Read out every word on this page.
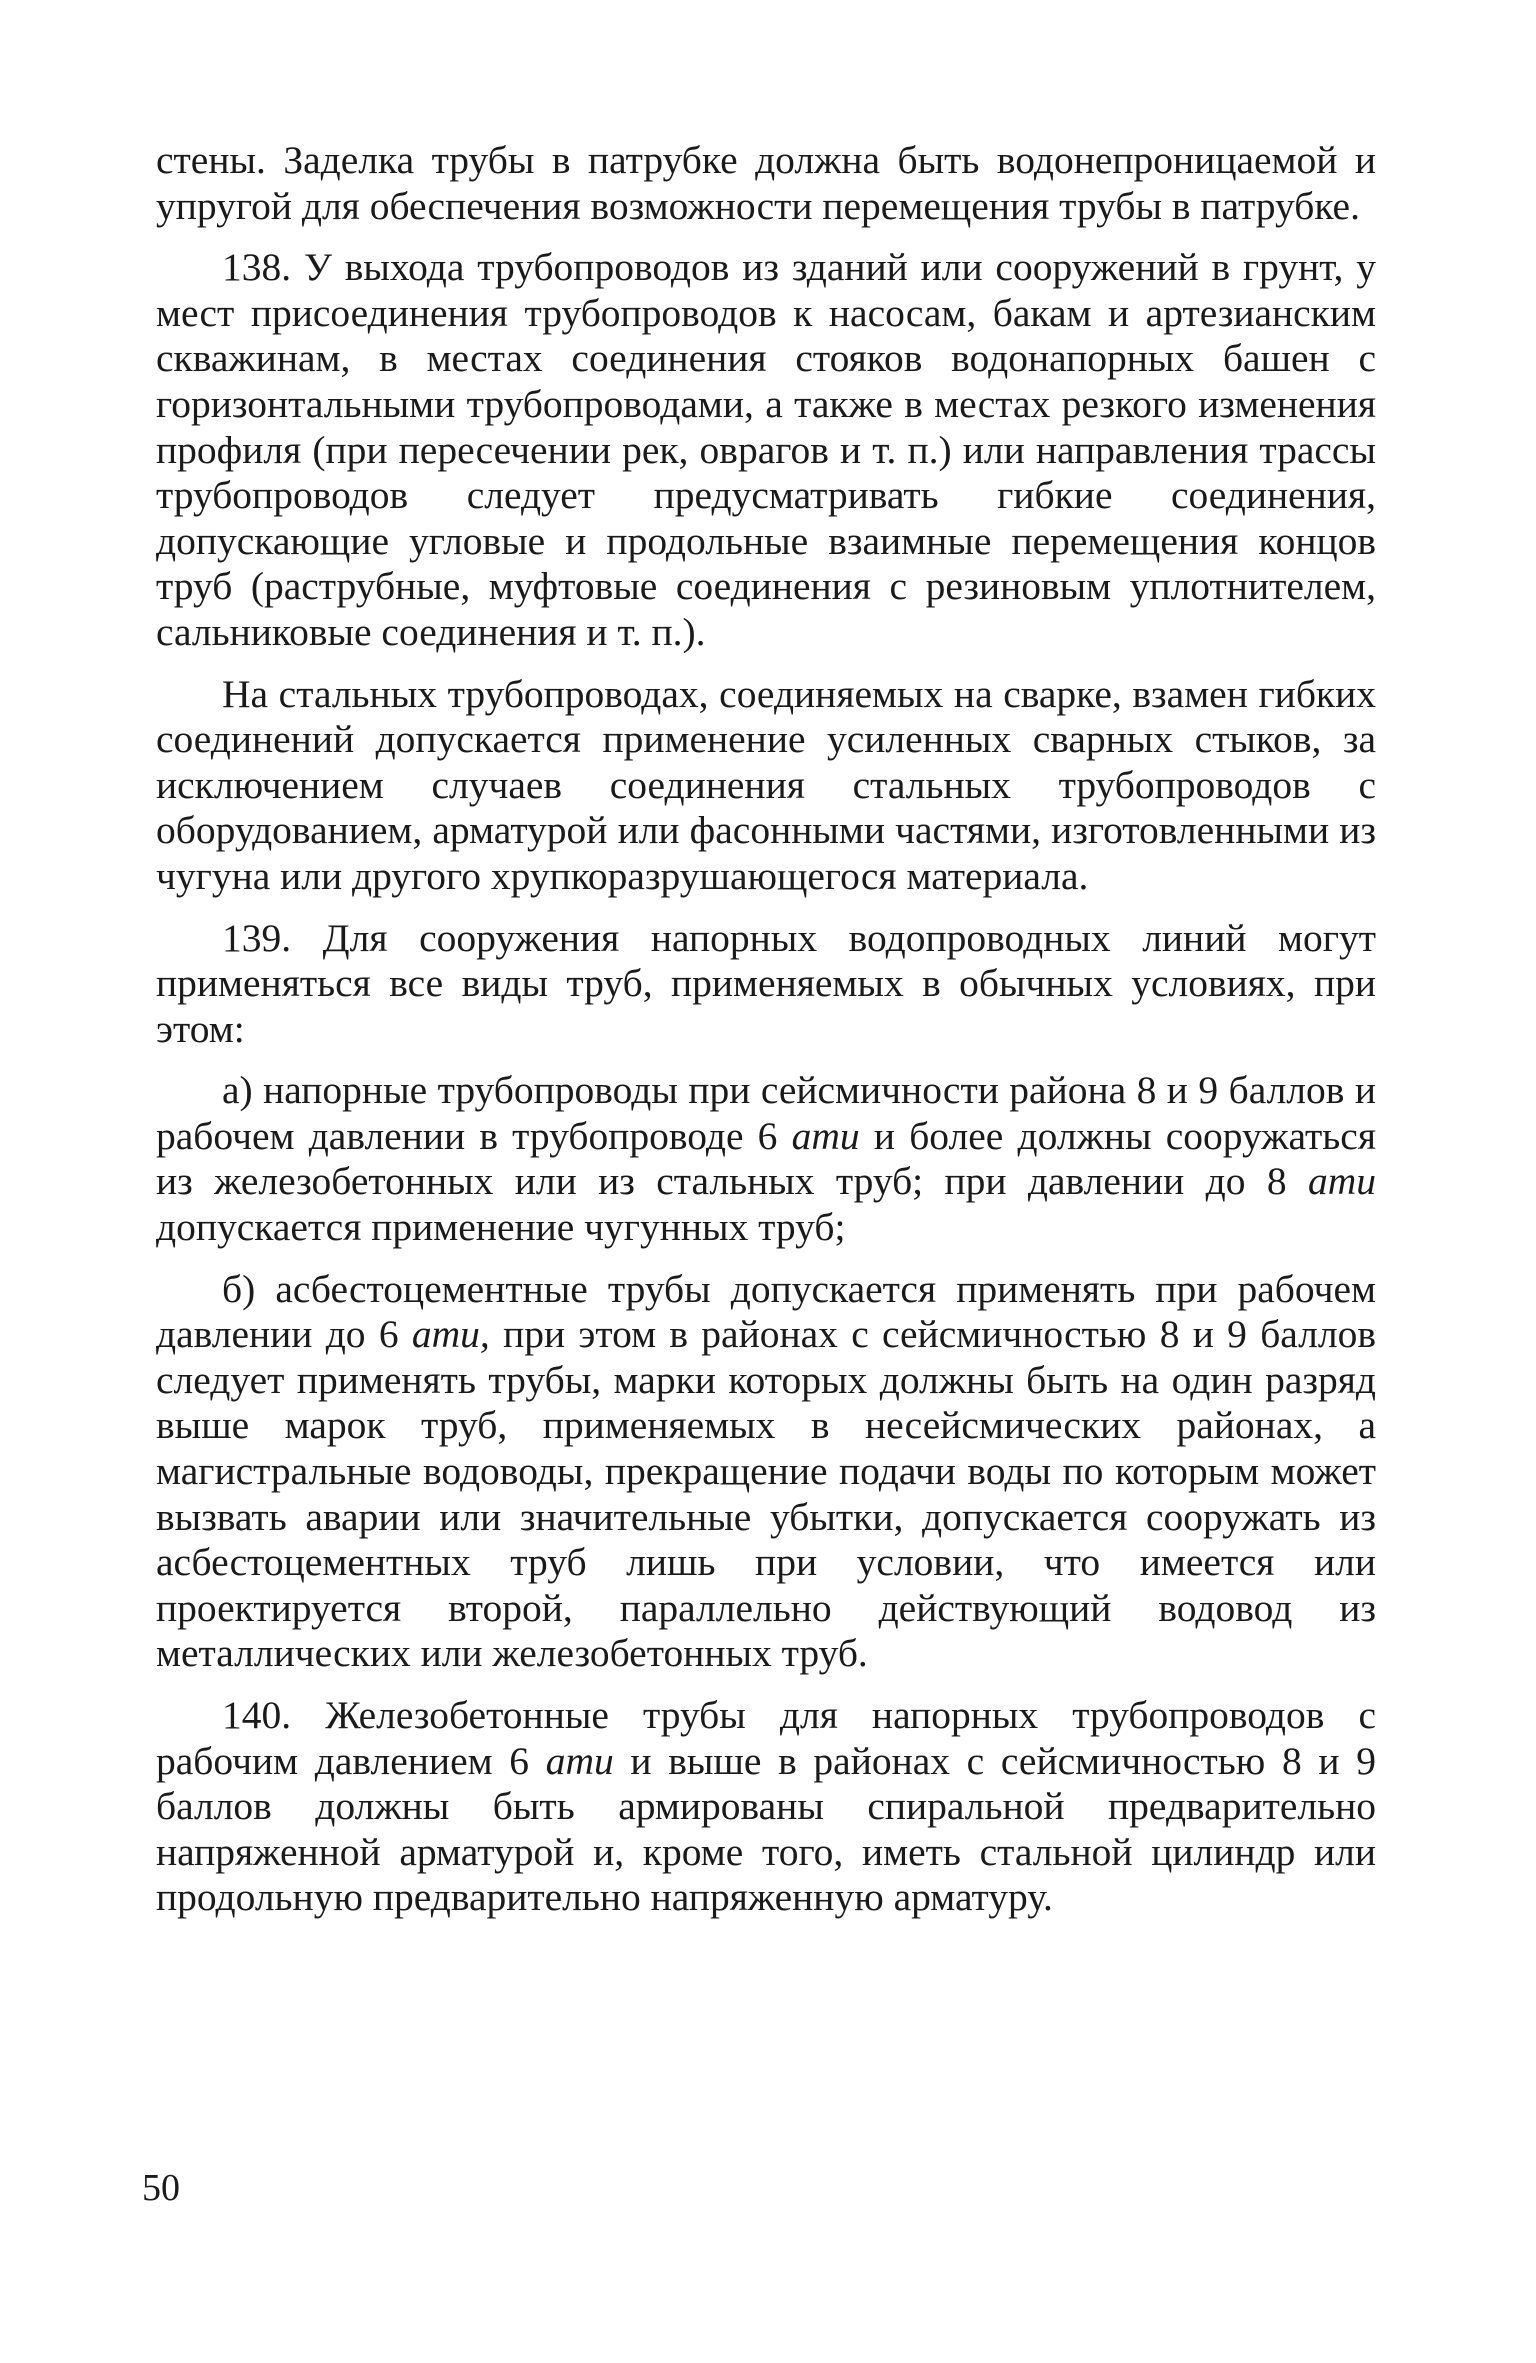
стены. Заделка трубы в патрубке должна быть водонепроницаемой и упругой для обеспечения возможности перемещения трубы в патрубке.

138. У выхода трубопроводов из зданий или сооружений в грунт, у мест присоединения трубопроводов к насосам, бакам и артезианским скважинам, в местах соединения стояков водонапорных башен с горизонтальными трубопроводами, а также в местах резкого изменения профиля (при пересечении рек, оврагов и т. п.) или направления трассы трубопроводов следует предусматривать гибкие соединения, допускающие угловые и продольные взаимные перемещения концов труб (раструбные, муфтовые соединения с резиновым уплотнителем, сальниковые соединения и т. п.).

На стальных трубопроводах, соединяемых на сварке, взамен гибких соединений допускается применение усиленных сварных стыков, за исключением случаев соединения стальных трубопроводов с оборудованием, арматурой или фасонными частями, изготовленными из чугуна или другого хрупкоразрушающегося материала.

139. Для сооружения напорных водопроводных линий могут применяться все виды труб, применяемых в обычных условиях, при этом:

а) напорные трубопроводы при сейсмичности района 8 и 9 баллов и рабочем давлении в трубопроводе 6 ати и более должны сооружаться из железобетонных или из стальных труб; при давлении до 8 ати допускается применение чугунных труб;

б) асбестоцементные трубы допускается применять при рабочем давлении до 6 ати, при этом в районах с сейсмичностью 8 и 9 баллов следует применять трубы, марки которых должны быть на один разряд выше марок труб, применяемых в несейсмических районах, а магистральные водоводы, прекращение подачи воды по которым может вызвать аварии или значительные убытки, допускается сооружать из асбестоцементных труб лишь при условии, что имеется или проектируется второй, параллельно действующий водовод из металлических или железобетонных труб.

140. Железобетонные трубы для напорных трубопроводов с рабочим давлением 6 ати и выше в районах с сейсмичностью 8 и 9 баллов должны быть армированы спиральной предварительно напряженной арматурой и, кроме того, иметь стальной цилиндр или продольную предварительно напряженную арматуру.

50
